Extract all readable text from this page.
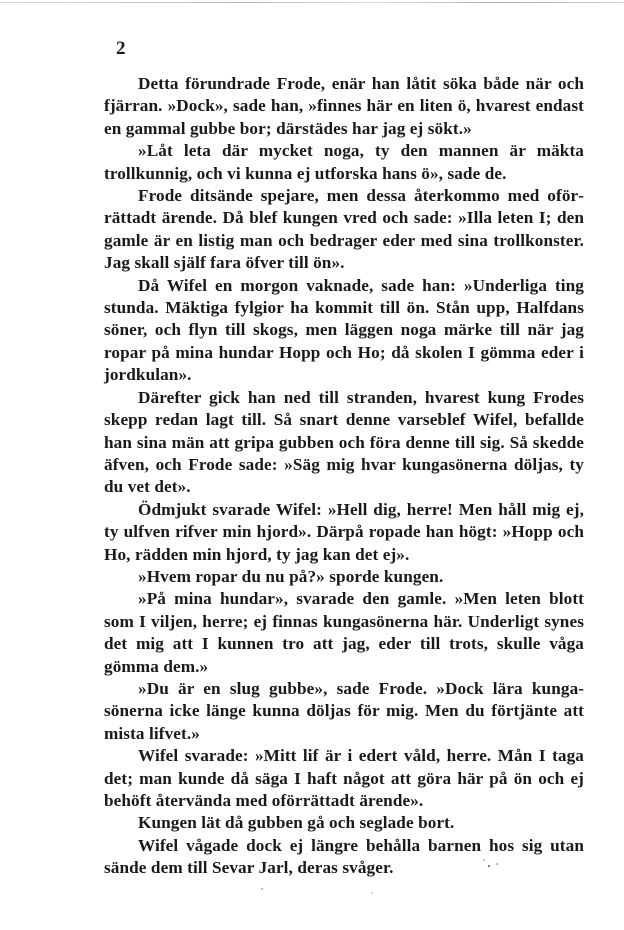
2

Detta förundrade Frode, enär han låtit söka både när och fjärran. »Dock», sade han, »finnes här en liten ö, hvarest endast en gammal gubbe bor; därstädes har jag ej sökt.»

»Låt leta där mycket noga, ty den mannen är mäkta trollkunnig, och vi kunna ej utforska hans ö», sade de.

Frode ditsände spejare, men dessa återkommo med oförrättadt ärende. Då blef kungen vred och sade: »Illa leten I; den gamle är en listig man och bedrager eder med sina trollkonster. Jag skall själf fara öfver till ön».

Då Wifel en morgon vaknade, sade han: »Underliga ting stunda. Mäktiga fylgior ha kommit till ön. Stån upp, Halfdans söner, och flyn till skogs, men läggen noga märke till när jag ropar på mina hundar Hopp och Ho; då skolen I gömma eder i jordkulan».

Därefter gick han ned till stranden, hvarest kung Frodes skepp redan lagt till. Så snart denne varseblef Wifel, befallde han sina män att gripa gubben och föra denne till sig. Så skedde äfven, och Frode sade: »Säg mig hvar kungasönerna döljas, ty du vet det».

Ödmjukt svarade Wifel: »Hell dig, herre! Men håll mig ej, ty ulfven rifver min hjord». Därpå ropade han högt: »Hopp och Ho, rädden min hjord, ty jag kan det ej».

»Hvem ropar du nu på?» sporde kungen.

»På mina hundar», svarade den gamle. »Men leten blott som I viljen, herre; ej finnas kungasönerna här. Underligt synes det mig att I kunnen tro att jag, eder till trots, skulle våga gömma dem.»

»Du är en slug gubbe», sade Frode. »Dock lära kungasönerna icke länge kunna döljas för mig. Men du förtjänte att mista lifvet.»

Wifel svarade: »Mitt lif är i edert våld, herre. Mån I taga det; man kunde då säga I haft något att göra här på ön och ej behöft återvända med oförrättadt ärende».

Kungen lät då gubben gå och seglade bort.

Wifel vågade dock ej längre behålla barnen hos sig utan sände dem till Sevar Jarl, deras svåger.
